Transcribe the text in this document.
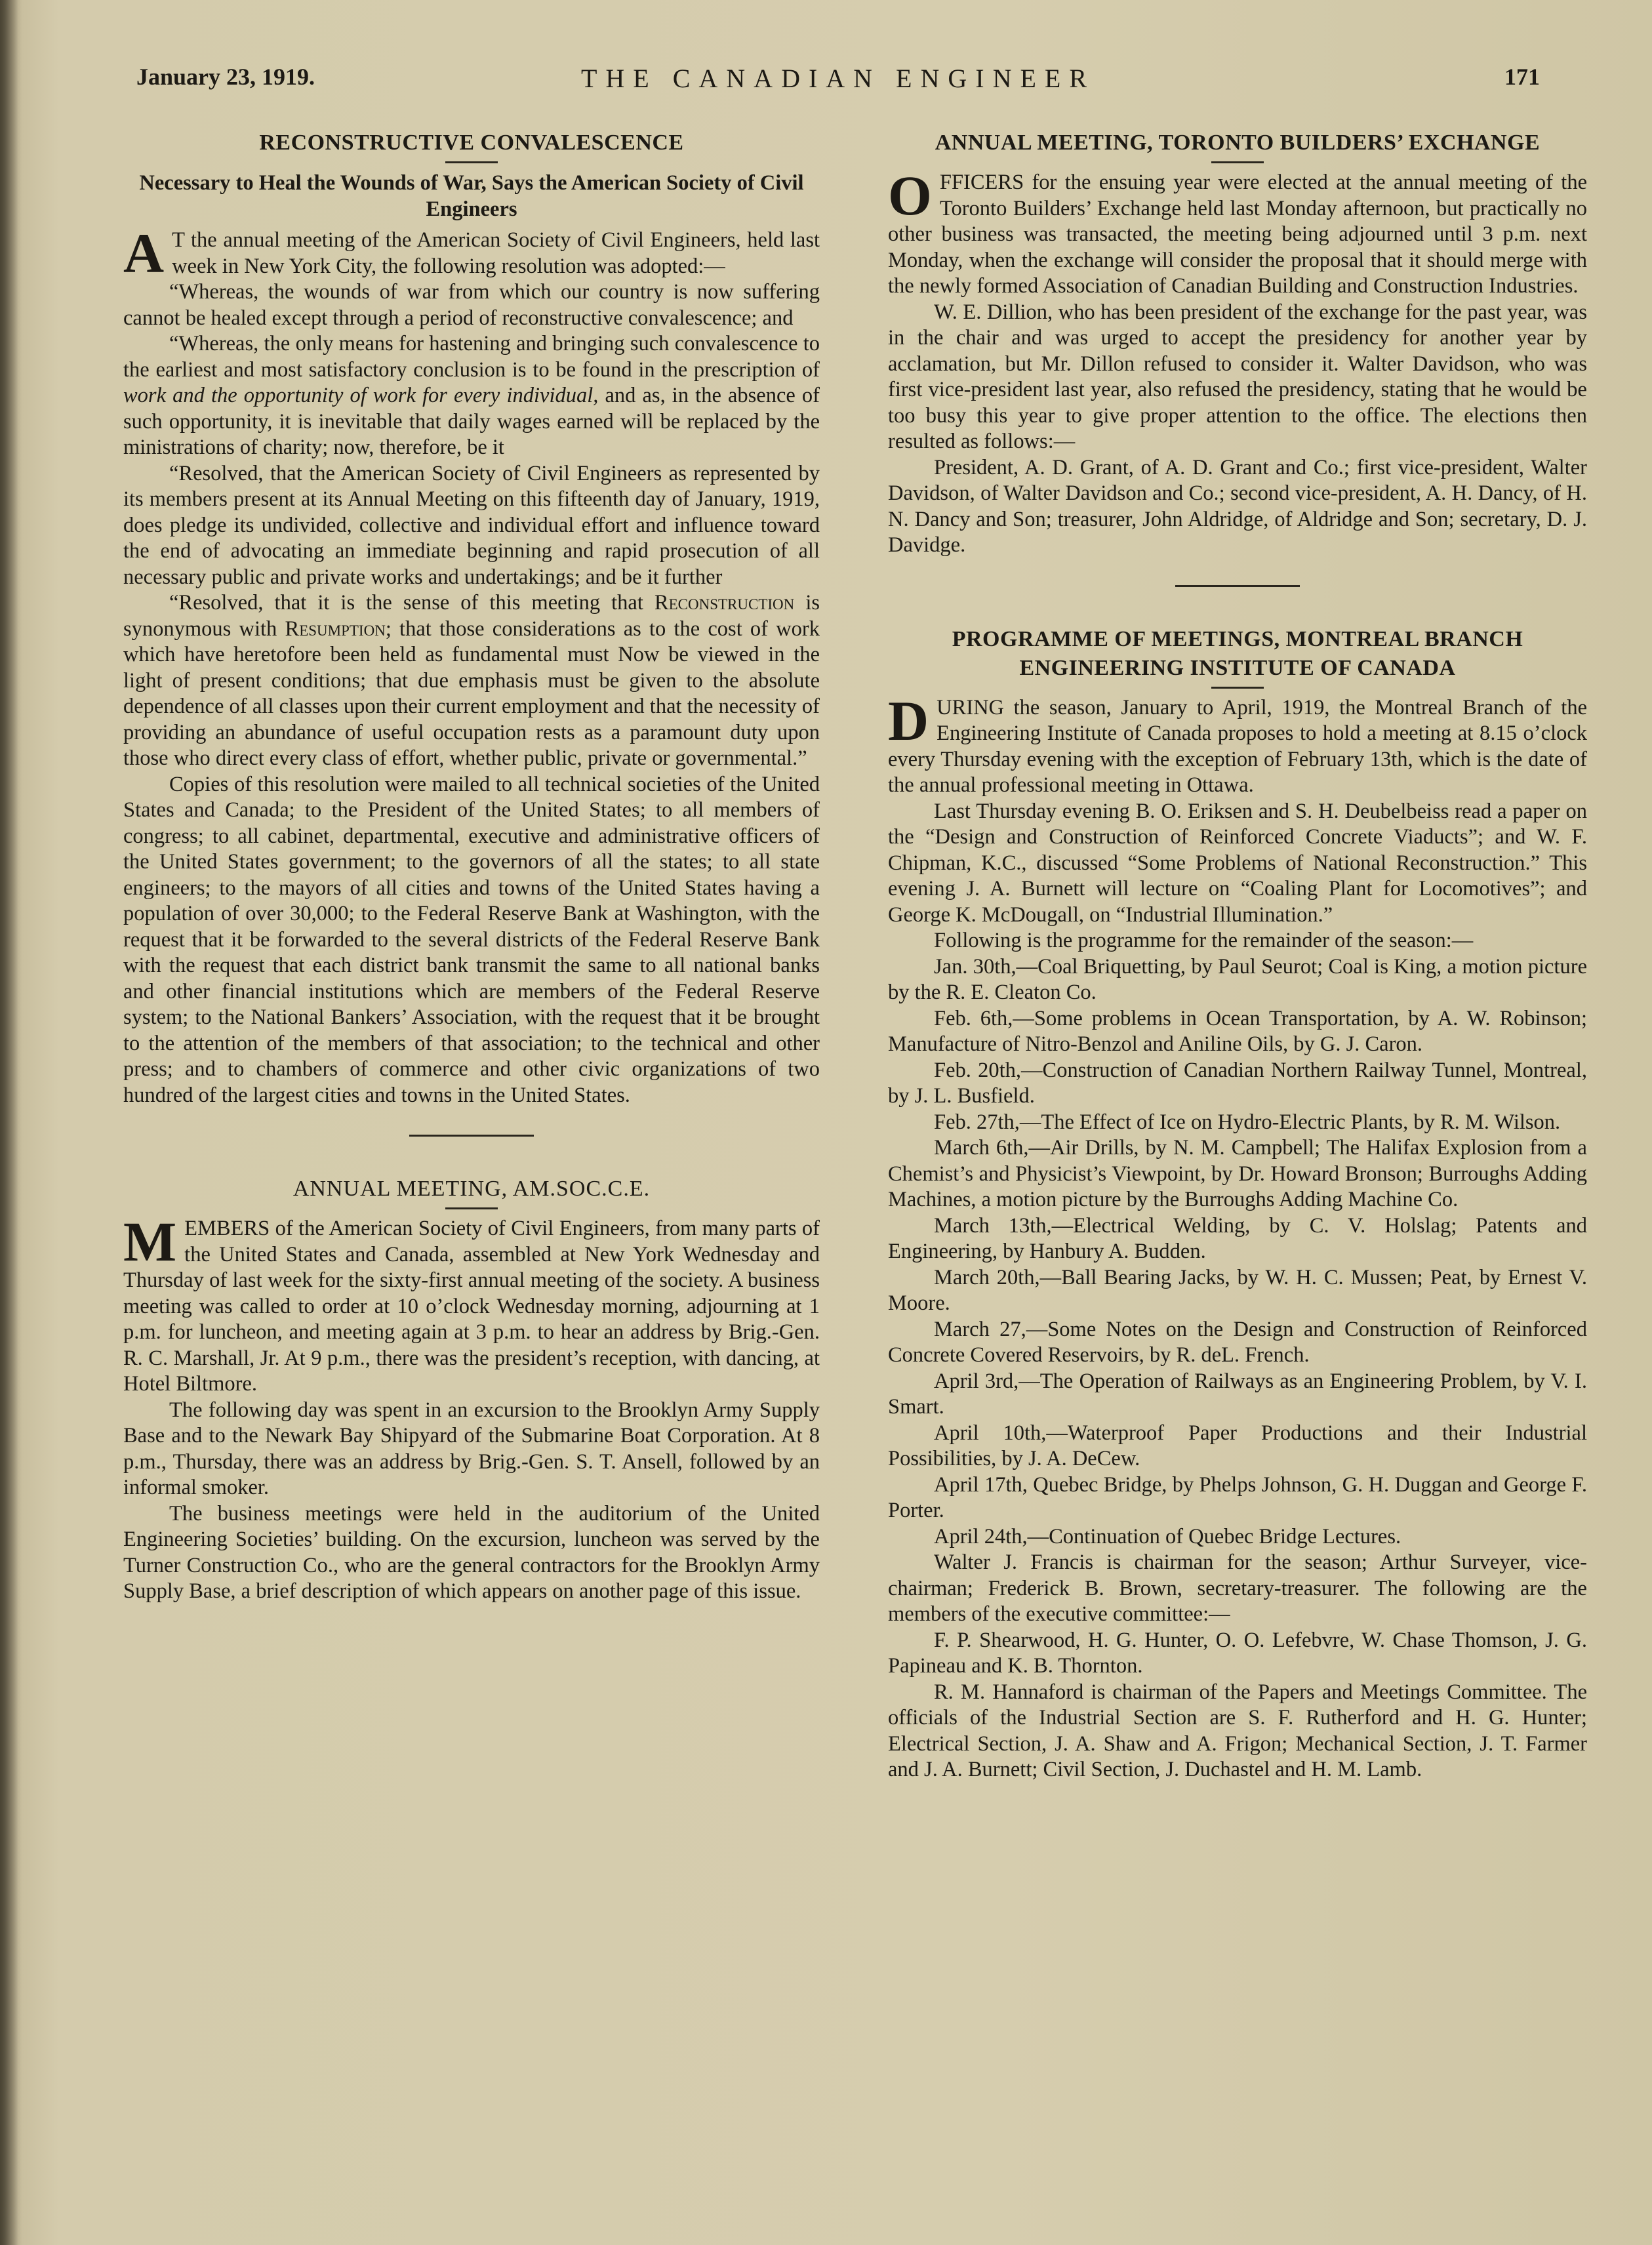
THE CANADIAN ENGINEER
January 23, 1919.	171
RECONSTRUCTIVE CONVALESCENCE
Necessary to Heal the Wounds of War, Says the American Society of Civil Engineers

A T the annual meeting of the American Society of Civil Engineers, held last week in New York City, the following resolution was adopted:—

“Whereas, the wounds of war from which our country is now suffering cannot be healed except through a period of reconstructive convalescence; and

“Whereas, the only means for hastening and bringing such convalescence to the earliest and most satisfactory conclusion is to be found in the prescription of work and the opportunity of work for every individual, and as, in the absence of such opportunity, it is inevitable that daily wages earned will be replaced by the ministrations of charity; now, therefore, be it

“Resolved, that the American Society of Civil Engineers as represented by its members present at its Annual Meeting on this fifteenth day of January, 1919, does pledge its undivided, collective and individual effort and influence toward the end of advocating an immediate beginning and rapid prosecution of all necessary public and private works and undertakings; and be it further

“Resolved, that it is the sense of this meeting that Reconstruction is synonymous with Resumption; that those considerations as to the cost of work which have heretofore been held as fundamental must Now be viewed in the light of present conditions; that due emphasis must be given to the absolute dependence of all classes upon their current employment and that the necessity of providing an abundance of useful occupation rests as a paramount duty upon those who direct every class of effort, whether public, private or governmental.”

Copies of this resolution were mailed to all technical societies of the United States and Canada; to the President of the United States; to all members of congress; to all cabinet, departmental, executive and administrative officers of the United States government; to the governors of all the states; to all state engineers; to the mayors of all cities and towns of the United States having a population of over 30,000; to the Federal Reserve Bank at Washington, with the request that it be forwarded to the several districts of the Federal Reserve Bank with the request that each district bank transmit the same to all national banks and other financial institutions which are members of the Federal Reserve system; to the National Bankers’ Association, with the request that it be brought to the attention of the members of that association; to the technical and other press; and to chambers of commerce and other civic organizations of two hundred of the largest cities and towns in the United States.

ANNUAL MEETING, AM.SOC.C.E.

MEMBERS of the American Society of Civil Engineers, from many parts of the United States and Canada, assembled at New York Wednesday and Thursday of last week for the sixty-first annual meeting of the society. A business meeting was called to order at 10 o’clock Wednesday morning, adjourning at 1 p.m. for luncheon, and meeting again at 3 p.m. to hear an address by Brig.-Gen. R. C. Marshall, Jr. At 9 p.m., there was the president’s reception, with dancing, at Hotel Biltmore.

The following day was spent in an excursion to the Brooklyn Army Supply Base and to the Newark Bay Shipyard of the Submarine Boat Corporation. At 8 p.m., Thursday, there was an address by Brig.-Gen. S. T. Ansell, followed by an informal smoker.

The business meetings were held in the auditorium of the United Engineering Societies’ building. On the excursion, luncheon was served by the Turner Construction Co., who are the general contractors for the Brooklyn Army Supply Base, a brief description of which appears on another page of this issue.

ANNUAL MEETING, TORONTO BUILDERS’ EXCHANGE

OFFICERS for the ensuing year were elected at the annual meeting of the Toronto Builders’ Exchange held last Monday afternoon, but practically no other business was transacted, the meeting being adjourned until 3 p.m. next Monday, when the exchange will consider the proposal that it should merge with the newly formed Association of Canadian Building and Construction Industries.

W. E. Dillion, who has been president of the exchange for the past year, was in the chair and was urged to accept the presidency for another year by acclamation, but Mr. Dillon refused to consider it. Walter Davidson, who was first vice-president last year, also refused the presidency, stating that he would be too busy this year to give proper attention to the office. The elections then resulted as follows:—

President, A. D. Grant, of A. D. Grant and Co.; first vice-president, Walter Davidson, of Walter Davidson and Co.; second vice-president, A. H. Dancy, of H. N. Dancy and Son; treasurer, John Aldridge, of Aldridge and Son; secretary, D. J. Davidge.

PROGRAMME OF MEETINGS, MONTREAL BRANCH ENGINEERING INSTITUTE OF CANADA

DURING the season, January to April, 1919, the Montreal Branch of the Engineering Institute of Canada proposes to hold a meeting at 8.15 o’clock every Thursday evening with the exception of February 13th, which is the date of the annual professional meeting in Ottawa.

Last Thursday evening B. O. Eriksen and S. H. Deubelbeiss read a paper on the “Design and Construction of Reinforced Concrete Viaducts”; and W. F. Chipman, K.C., discussed “Some Problems of National Reconstruction.” This evening J. A. Burnett will lecture on “Coaling Plant for Locomotives”; and George K. McDougall, on “Industrial Illumination.”

Following is the programme for the remainder of the season:—

Jan. 30th,—Coal Briquetting, by Paul Seurot; Coal is King, a motion picture by the R. E. Cleaton Co.

Feb. 6th,—Some problems in Ocean Transportation, by A. W. Robinson; Manufacture of Nitro-Benzol and Aniline Oils, by G. J. Caron.

Feb. 20th,—Construction of Canadian Northern Railway Tunnel, Montreal, by J. L. Busfield.

Feb. 27th,—The Effect of Ice on Hydro-Electric Plants, by R. M. Wilson.

March 6th,—Air Drills, by N. M. Campbell; The Halifax Explosion from a Chemist’s and Physicist’s Viewpoint, by Dr. Howard Bronson; Burroughs Adding Machines, a motion picture by the Burroughs Adding Machine Co.

March 13th,—Electrical Welding, by C. V. Holslag; Patents and Engineering, by Hanbury A. Budden.

March 20th,—Ball Bearing Jacks, by W. H. C. Mussen; Peat, by Ernest V. Moore.

March 27,—Some Notes on the Design and Construction of Reinforced Concrete Covered Reservoirs, by R. deL. French.

April 3rd,—The Operation of Railways as an Engineering Problem, by V. I. Smart.

April 10th,—Waterproof Paper Productions and their Industrial Possibilities, by J. A. DeCew.

April 17th, Quebec Bridge, by Phelps Johnson, G. H. Duggan and George F. Porter.

April 24th,—Continuation of Quebec Bridge Lectures.

Walter J. Francis is chairman for the season; Arthur Surveyer, vice-chairman; Frederick B. Brown, secretary-treasurer. The following are the members of the executive committee:—

F. P. Shearwood, H. G. Hunter, O. O. Lefebvre, W. Chase Thomson, J. G. Papineau and K. B. Thornton.

R. M. Hannaford is chairman of the Papers and Meetings Committee. The officials of the Industrial Section are S. F. Rutherford and H. G. Hunter; Electrical Section, J. A. Shaw and A. Frigon; Mechanical Section, J. T. Farmer and J. A. Burnett; Civil Section, J. Duchastel and H. M. Lamb.
